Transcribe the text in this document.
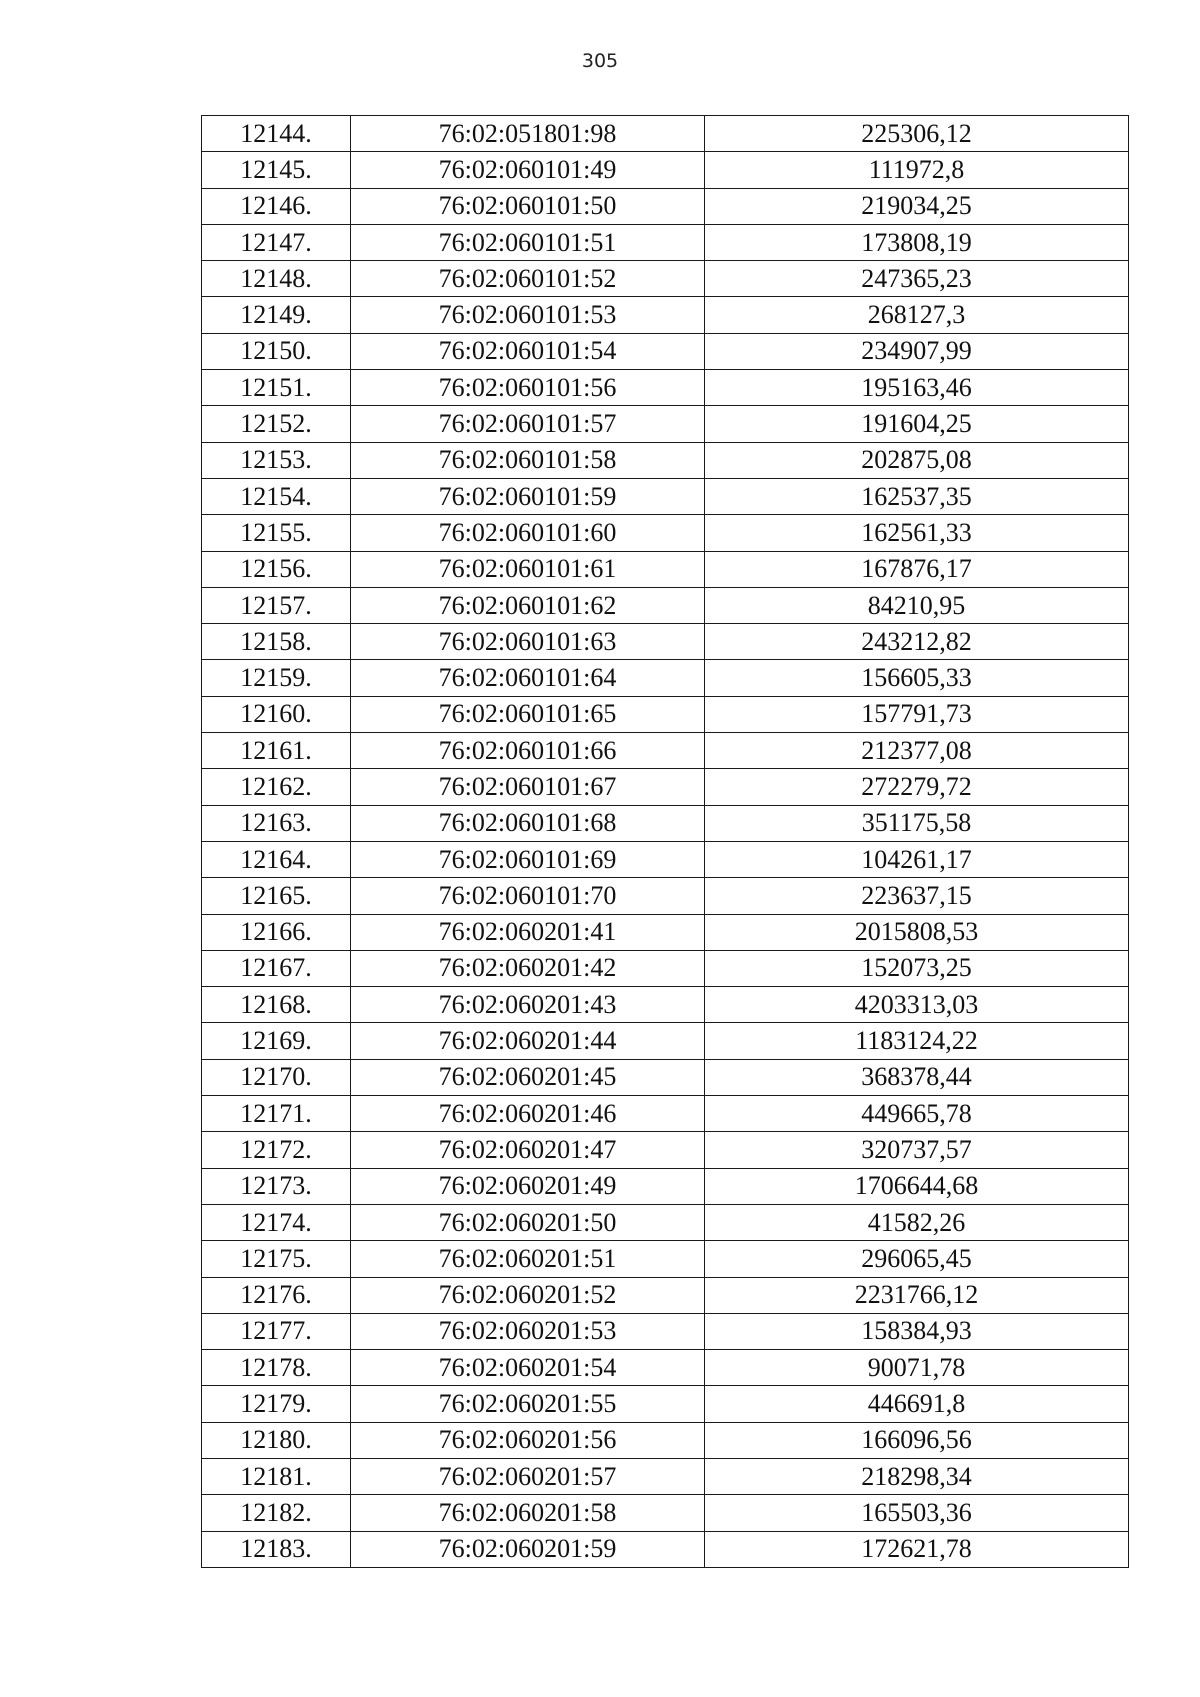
305
12144.	76:02:051801:98	225306,12
12145.	76:02:060101:49	111972,8
12146.	76:02:060101:50	219034,25
12147.	76:02:060101:51	173808,19
12148.	76:02:060101:52	247365,23
12149.	76:02:060101:53	268127,3
12150.	76:02:060101:54	234907,99
12151.	76:02:060101:56	195163,46
12152.	76:02:060101:57	191604,25
12153.	76:02:060101:58	202875,08
12154.	76:02:060101:59	162537,35
12155.	76:02:060101:60	162561,33
12156.	76:02:060101:61	167876,17
12157.	76:02:060101:62	84210,95
12158.	76:02:060101:63	243212,82
12159.	76:02:060101:64	156605,33
12160.	76:02:060101:65	157791,73
12161.	76:02:060101:66	212377,08
12162.	76:02:060101:67	272279,72
12163.	76:02:060101:68	351175,58
12164.	76:02:060101:69	104261,17
12165.	76:02:060101:70	223637,15
12166.	76:02:060201:41	2015808,53
12167.	76:02:060201:42	152073,25
12168.	76:02:060201:43	4203313,03
12169.	76:02:060201:44	1183124,22
12170.	76:02:060201:45	368378,44
12171.	76:02:060201:46	449665,78
12172.	76:02:060201:47	320737,57
12173.	76:02:060201:49	1706644,68
12174.	76:02:060201:50	41582,26
12175.	76:02:060201:51	296065,45
12176.	76:02:060201:52	2231766,12
12177.	76:02:060201:53	158384,93
12178.	76:02:060201:54	90071,78
12179.	76:02:060201:55	446691,8
12180.	76:02:060201:56	166096,56
12181.	76:02:060201:57	218298,34
12182.	76:02:060201:58	165503,36
12183.	76:02:060201:59	172621,78
